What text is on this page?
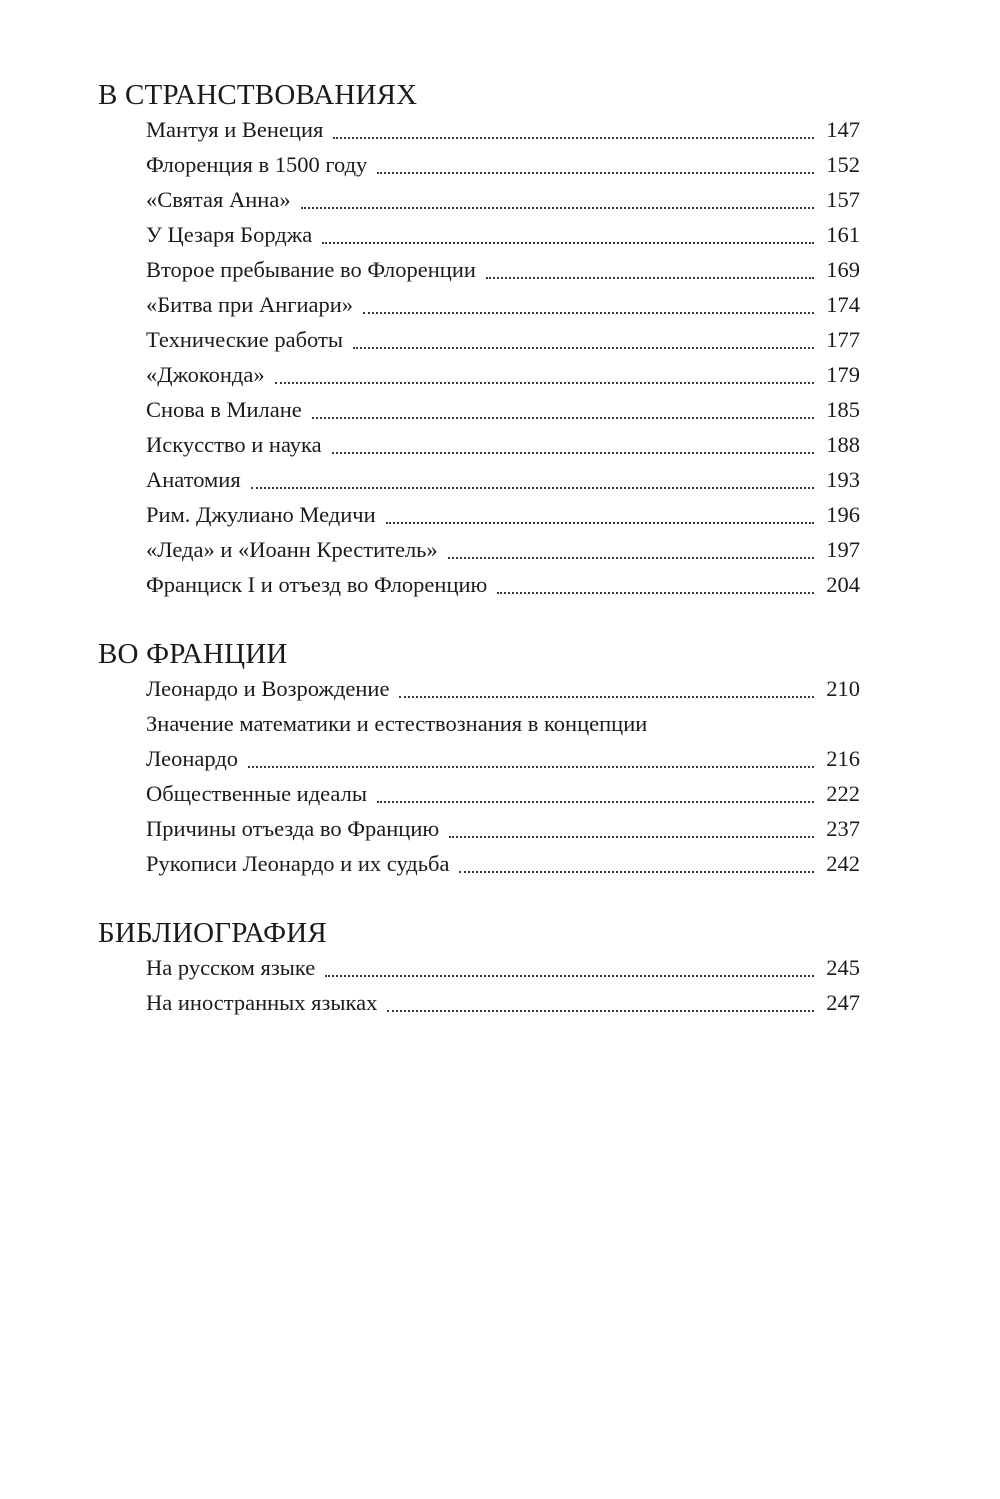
В СТРАНСТВОВАНИЯХ
Мантуя и Венеция	147
Флоренция в 1500 году	152
«Святая Анна»	157
У Цезаря Борджа	161
Второе пребывание во Флоренции	169
«Битва при Ангиари»	174
Технические работы	177
«Джоконда»	179
Снова в Милане	185
Искусство и наука	188
Анатомия	193
Рим. Джулиано Медичи	196
«Леда» и «Иоанн Креститель»	197
Франциск I и отъезд во Флоренцию	204
ВО ФРАНЦИИ
Леонардо и Возрождение	210
Значение математики и естествознания в концепции
Леонардо	216
Общественные идеалы	222
Причины отъезда во Францию	237
Рукописи Леонардо и их судьба	242
БИБЛИОГРАФИЯ
На русском языке	245
На иностранных языках	247
